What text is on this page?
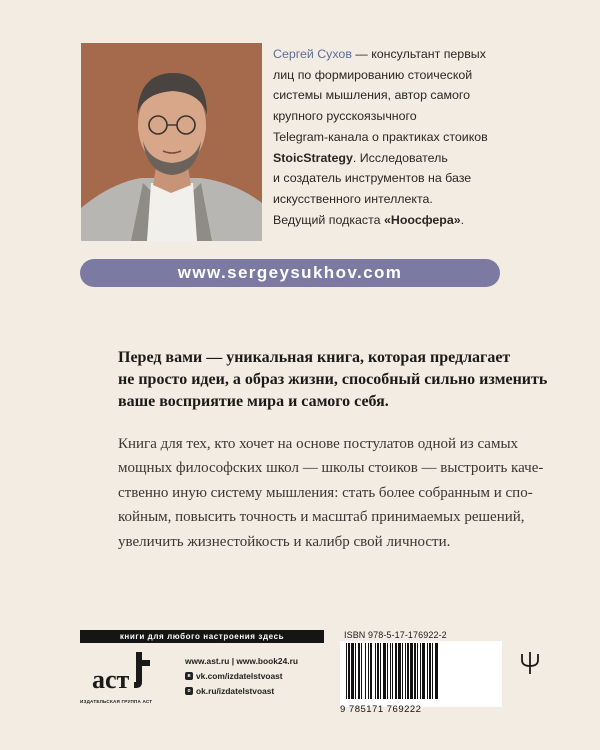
Сергей Сухов — консультант первых
лиц по формированию стоической
системы мышления, автор самого
крупного русскоязычного
Telegram-канала о практиках стоиков
StoicStrategy. Исследователь
и создатель инструментов на базе
искусственного интеллекта.
Ведущий подкаста «Ноосфера».
www.sergeysukhov.com
Перед вами — уникальная книга, которая предлагает
не просто идеи, а образ жизни, способный сильно изменить
ваше восприятие мира и самого себя.
Книга для тех, кто хочет на основе постулатов одной из самых
мощных философских школ — школы стоиков — выстроить каче-
ственно иную систему мышления: стать более собранным и спо-
койным, повысить точность и масштаб принимаемых решений,
увеличить жизнестойкость и калибр свой личности.
книги для любого настроения здесь
аст
ИЗДАТЕЛЬСКАЯ ГРУППА АСТ
www.ast.ru | www.book24.ru
в vk.com/izdatelstvoast
о ok.ru/izdatelstvoast
ISBN 978-5-17-176922-2
9 785171 769222
